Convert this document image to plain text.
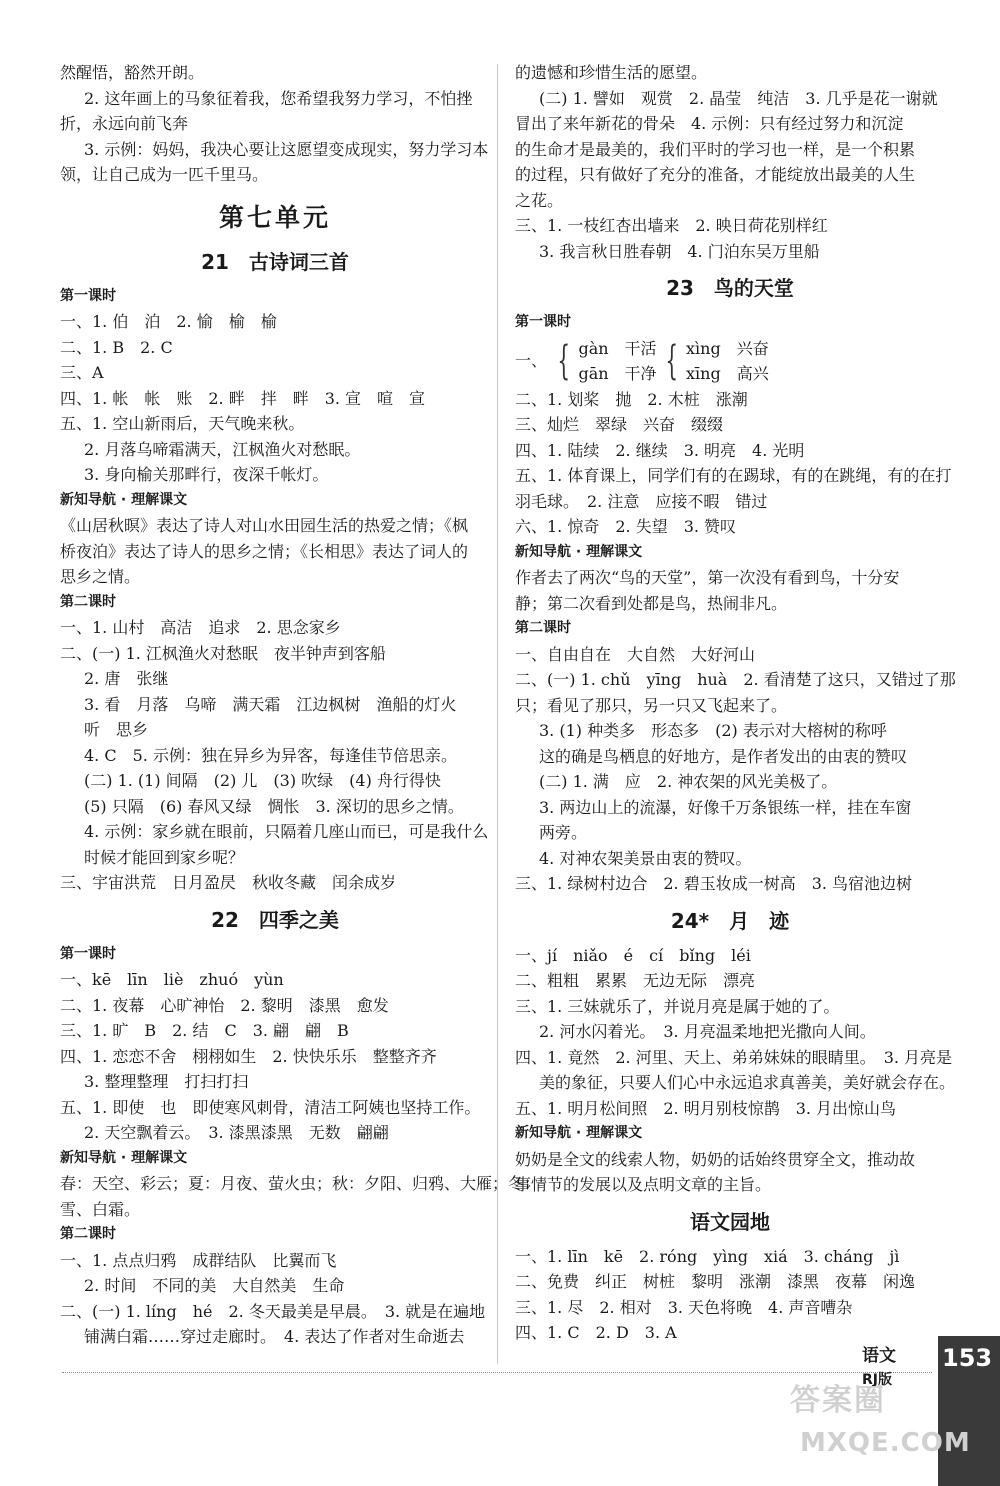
然醒悟，豁然开朗。
2. 这年画上的马象征着我，您希望我努力学习，不怕挫
折，永远向前飞奔
3. 示例：妈妈，我决心要让这愿望变成现实，努力学习本
领，让自己成为一匹千里马。
第七单元
21　古诗词三首
第一课时
一、1. 伯　泊　2. 愉　榆　榆
二、1. B　2. C
三、A
四、1. 帐　帐　账　2. 畔　拌　畔　3. 宣　喧　宣
五、1. 空山新雨后，天气晚来秋。
2. 月落乌啼霜满天，江枫渔火对愁眠。
3. 身向榆关那畔行，夜深千帐灯。
新知导航 · 理解课文
《山居秋暝》表达了诗人对山水田园生活的热爱之情；《枫
桥夜泊》表达了诗人的思乡之情；《长相思》表达了词人的
思乡之情。
第二课时
一、1. 山村　高洁　追求　2. 思念家乡
二、(一) 1. 江枫渔火对愁眠　夜半钟声到客船
2. 唐　张继
3. 看　月落　乌啼　满天霜　江边枫树　渔船的灯火
听　思乡
4. C　5. 示例：独在异乡为异客，每逢佳节倍思亲。
(二) 1. (1) 间隔　(2) 儿　(3) 吹绿　(4) 舟行得快
(5) 只隔　(6) 春风又绿　惆怅　3. 深切的思乡之情。
4. 示例：家乡就在眼前，只隔着几座山而已，可是我什么
时候才能回到家乡呢？
三、宇宙洪荒　日月盈昃　秋收冬藏　闰余成岁
22　四季之美
第一课时
一、kē　līn　liè　zhuó　yùn
二、1. 夜幕　心旷神怡　2. 黎明　漆黑　愈发
三、1. 旷　B　2. 结　C　3. 翩　翩　B
四、1. 恋恋不舍　栩栩如生　2. 快快乐乐　整整齐齐
3. 整理整理　打扫打扫
五、1. 即使　也　即使寒风刺骨，清洁工阿姨也坚持工作。
2. 天空飘着云。　3. 漆黑漆黑　无数　翩翩
新知导航 · 理解课文
春：天空、彩云；夏：月夜、萤火虫；秋：夕阳、归鸦、大雁；冬：
雪、白霜。
第二课时
一、1. 点点归鸦　成群结队　比翼而飞
2. 时间　不同的美　大自然美　生命
二、(一) 1. líng　hé　2. 冬天最美是早晨。　3. 就是在遍地
铺满白霜……穿过走廊时。　4. 表达了作者对生命逝去
的遗憾和珍惜生活的愿望。
(二) 1. 譬如　观赏　2. 晶莹　纯洁　3. 几乎是花一谢就
冒出了来年新花的骨朵　4. 示例：只有经过努力和沉淀
的生命才是最美的，我们平时的学习也一样，是一个积累
的过程，只有做好了充分的准备，才能绽放出最美的人生
之花。
三、1. 一枝红杏出墙来　2. 映日荷花别样红
3. 我言秋日胜春朝　4. 门泊东吴万里船
23　鸟的天堂
第一课时
一、 { gàn　干活
gān　干净 { xìng　兴奋
xīng　高兴
二、1. 划桨　抛　2. 木桩　涨潮
三、灿烂　翠绿　兴奋　缀缀
四、1. 陆续　2. 继续　3. 明亮　4. 光明
五、1. 体育课上，同学们有的在踢球，有的在跳绳，有的在打
羽毛球。　2. 注意　应接不暇　错过
六、1. 惊奇　2. 失望　3. 赞叹
新知导航 · 理解课文
作者去了两次“鸟的天堂”，第一次没有看到鸟，十分安
静；第二次看到处都是鸟，热闹非凡。
第二课时
一、自由自在　大自然　大好河山
二、(一) 1. chǔ　yīng　huà　2. 看清楚了这只，又错过了那
只；看见了那只，另一只又飞起来了。
3. (1) 种类多　形态多　(2) 表示对大榕树的称呼
这的确是鸟栖息的好地方，是作者发出的由衷的赞叹
(二) 1. 满　应　2. 神农架的风光美极了。
3. 两边山上的流瀑，好像千万条银练一样，挂在车窗
两旁。
4. 对神农架美景由衷的赞叹。
三、1. 绿树村边合　2. 碧玉妆成一树高　3. 鸟宿池边树
24*　月　迹
一、jí　niǎo　é　cí　bǐng　léi
二、粗粗　累累　无边无际　漂亮
三、1. 三妹就乐了，并说月亮是属于她的了。
2. 河水闪着光。　3. 月亮温柔地把光撒向人间。
四、1. 竟然　2. 河里、天上、弟弟妹妹的眼睛里。　3. 月亮是
美的象征，只要人们心中永远追求真善美，美好就会存在。
五、1. 明月松间照　2. 明月别枝惊鹊　3. 月出惊山鸟
新知导航 · 理解课文
奶奶是全文的线索人物，奶奶的话始终贯穿全文，推动故
事情节的发展以及点明文章的主旨。
语文园地
一、1. līn　kē　2. róng　yìng　xiá　3. cháng　jì
二、免费　纠正　树桩　黎明　涨潮　漆黑　夜幕　闲逸
三、1. 尽　2. 相对　3. 天色将晚　4. 声音嘈杂
四、1. C　2. D　3. A
语文
RJ版
153
答案圈
MXQE.COM
